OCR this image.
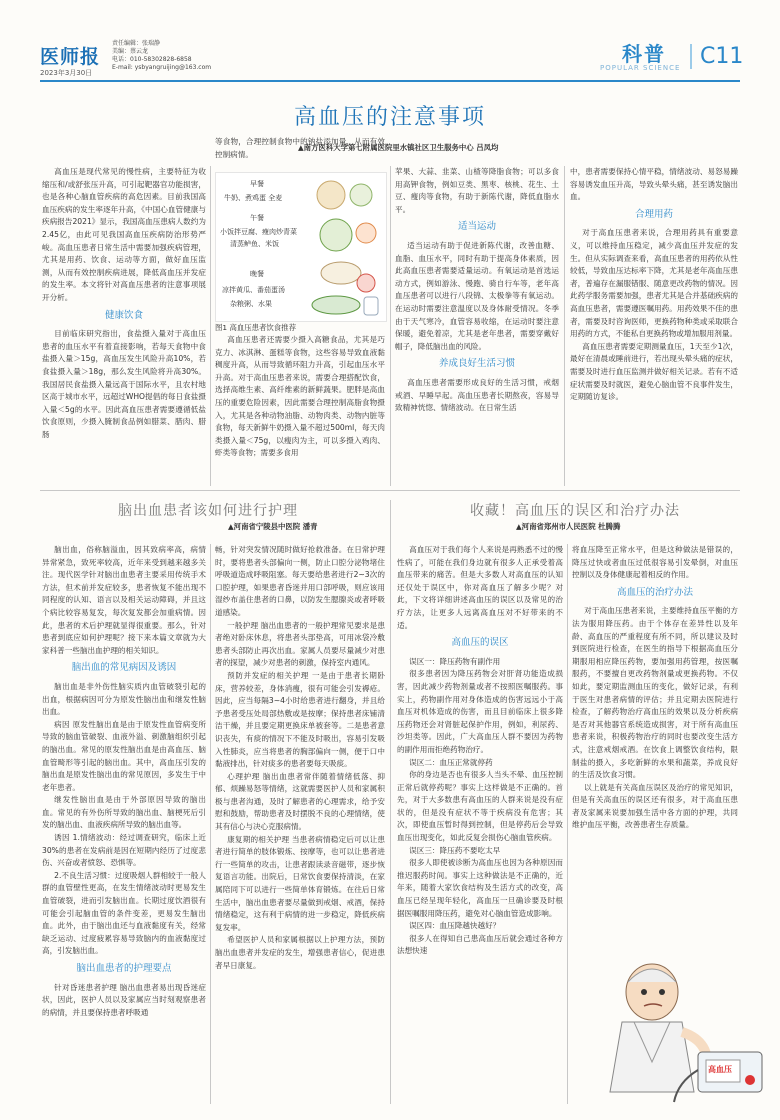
医师报
2023年3月30日
责任编辑：张瑞静
美编：蔡云龙
电话：010-58302828-6858
E-mail: ysbyangruijing@163.com
科普
POPULAR SCIENCE C11
高血压的注意事项
▲南方医科大学第七附属医院里水镇社区卫生服务中心 吕凤均

高血压是现代常见的慢性病，主要特征为收缩压和/或舒张压升高，可引起靶器官功能损害，也是各种心脑血管疾病的高危因素。目前我国高血压疾病的发生率逐年升高，《中国心血管健康与疾病报告2021》显示，我国高血压患病人数约为2.45亿，由此可见我国高血压疾病防治形势严峻。高血压患者日常生活中需要加强疾病管理，尤其是用药、饮食、运动等方面，做好血压监测，从而有效控制疾病进展，降低高血压并发症的发生率。本文将针对高血压患者的注意事项展开分析。

健康饮食

目前临床研究指出，食盐摄入量对于高血压患者的血压水平有着直接影响，若每天食物中食盐摄入量＞15g，高血压发生风险升高10%，若食盐摄入量＞18g，那么发生风险将升高30%。我国居民食盐摄入量远高于国际水平，且农村地区高于城市水平，远超过WHO提倡的每日食盐摄入量＜5g的水平。因此高血压患者需要遵循低盐饮食原则，少摄入腌制食品例如腊菜、腊肉、腊肠

等食物，合理控制食物中的钠盐添加量，从而有效控制病情。

早餐
牛奶、煮鸡蛋 全麦
午餐
小饭拌豆腐、瘦肉炒青菜
清蒸鲈鱼、米饭
晚餐
凉拌黄瓜、番茄蛋汤
杂粮粥、水果
图1 高血压患者饮食推荐

高血压患者还需要少摄入高糖食品，尤其是巧克力、冰淇淋、蛋糕等食物，这些容易导致血液黏稠度升高，从而导致循环阻力升高，引起血压水平升高。对于高血压患者来说，需要合理搭配饮食，选择高维生素、高纤维素的新鲜蔬果。肥胖是高血压的重要危险因素，因此需要合理控制高脂食物摄入，尤其是各种动物油脂、动物肉类、动物内脏等食物，每天新鲜牛奶摄入量不超过500ml，每天肉类摄入量＜75g，以瘦肉为主，可以多摄入鸡肉、虾类等食物；需要多食用

苹果、大蒜、韭菜、山楂等降脂食物；可以多食用高钾食物，例如豆类、黑枣、核桃、花生、土豆、瘦肉等食物，有助于新陈代谢，降低血脂水平。

适当运动

适当运动有助于促进新陈代谢，改善血糖、血脂、血压水平，同时有助于提高身体素质，因此高血压患者需要适量运动。有氧运动是首选运动方式，例如游泳、慢跑、骑自行车等，老年高血压患者可以进行八段锦、太极拳等有氧运动。在运动时需要注意温度以及身体耐受情况。冬季由于天气寒冷，血管容易收缩，在运动时要注意保暖，避免着凉，尤其是老年患者，需要穿戴好帽子，降低脑出血的风险。

养成良好生活习惯

高血压患者需要形成良好的生活习惯，戒烟戒酒、早睡早起。高血压患者长期熬夜，容易导致精神恍惚、情绪波动。在日常生活

中，患者需要保持心情平稳，情绪波动、易怒易躁容易诱发血压升高，导致头晕头痛，甚至诱发脑出血。

合理用药

对于高血压患者来说，合理用药具有重要意义，可以维持血压稳定，减少高血压并发症的发生。但从实际调查来看，高血压患者的用药依从性较低，导致血压达标率下降，尤其是老年高血压患者，普遍存在漏服错服、随意更改药物的情况。因此药学服务需要加强，患者尤其是合并基础疾病的高血压患者，需要遵医嘱用药。用药效果不佳的患者，需要及时咨询医师，更换药物种类或采取联合用药的方式，不能私自更换药物或增加服用剂量。

高血压患者需要定期测量血压，1天至少1次，最好在清晨或睡前进行，若出现头晕头痛的症状，需要及时进行血压监测并做好相关记录。若有不适症状需要及时就医，避免心脑血管不良事件发生，定期随访复诊。

脑出血患者该如何进行护理
▲河南省宁陵县中医院 潘青

脑出血，俗称脑溢血，因其致病率高，病情异常紧急，致死率较高，近年来受到越来越多关注。现代医学针对脑出血患者主要采用传统手术方法，但术前并发症较多，患者恢复不能出现不同程度的认知、语言以及相关运动障碍，并且这个病比较容易复发，每次复发都会加重病情。因此，患者的术后护理就显得很重要。那么，针对患者到底应如何护理呢？接下来本篇文章就为大家科普一些脑出血护理的相关知识。

脑出血的常见病因及诱因

脑出血是非外伤性脑实质内血管破裂引起的出血，根据病因可分为原发性脑出血和继发性脑出血。

病因 原发性脑出血是由于原发性血管病变所导致的脑血管破裂、血液外溢、刺激脑组织引起的脑出血。常见的原发性脑出血是由高血压、脑血管畸形等引起的脑出血。其中，高血压引发的脑出血是原发性脑出血的常见原因，多发生于中老年患者。

继发性脑出血是由于外部原因导致的脑出血。常见的有外伤所导致的脑出血、脑梗死后引发的脑出血、血液疾病所导致的脑出血等。

诱因 1.情绪波动：经过调查研究，临床上近30%的患者在发病前是因在短期内经历了过度悲伤、兴奋或者愤怒、恐惧等。

2.不良生活习惯：过度吸烟人群相较于一般人群的血管壁性更高，在发生情绪波动时更易发生血管破裂，进而引发脑出血。长期过度饮酒很有可能会引起脑血管的条件变差，更易发生脑出血。此外，由于脑出血还与血液黏度有关，经常缺乏运动、过度疲累容易导致脑内的血液黏度过高，引发脑出血。

脑出血患者的护理要点

针对昏迷患者护理 脑出血患者易出现昏迷症状，因此，医护人员以及家属应当时刻观察患者的病情，并且要保持患者呼吸通

畅，针对突发情况随时做好抢救准备。在日常护理时，要将患者头部偏向一侧，防止口腔分泌物堵住呼吸道造成呼吸阻塞。每天要给患者进行2~3次的口腔护理，如果患者昏迷并用口部呼吸，则应该用湿纱布盖住患者的口鼻，以防发生腮腺炎或者呼吸道感染。

一般护理 脑出血患者的一般护理常见要求是患者绝对卧床休息，将患者头部垫高，可用冰袋冷敷患者头部防止再次出血。家属人员要尽量减少对患者的探望，减少对患者的刺激，保持室内通风。

预防并发症的相关护理 一是由于患者长期卧床，营养较差，身体消瘦，很有可能会引发褥疮。因此，应当每隔3~4小时给患者进行翻身，并且给予患者受压处局部热敷或是按摩；保持患者床铺清洁干燥，并且要定期更换床单被套等。二是患者意识丧失，有痰的情况下不能及时吸出，容易引发吸入性肺炎，应当将患者的胸部偏向一侧，便于口中黏液排出，针对痰多的患者要每天吸痰。

心理护理 脑出血患者常伴随着情绪低落、抑郁、烦躁易怒等情绪，这就需要医护人员和家属积极与患者沟通，及时了解患者的心理需求，给予安慰和鼓励，帮助患者及时摆脱不良的心理情绪，使其有信心与决心克服病情。

康复期的相关护理 当患者病情稳定后可以让患者进行简单的肢体锻炼、按摩等，也可以让患者进行一些简单的攻击，让患者跟读录音磁带，逐步恢复语言功能。出院后，日常饮食要保持清淡，在家属陪同下可以进行一些简单体育锻炼。在往后日常生活中，脑出血患者要尽量做到戒烟、戒酒，保持情绪稳定，这有利于病情的进一步稳定，降低疾病复发率。

希望医护人员和家属根据以上护理方法，预防脑出血患者并发症的发生，增强患者信心，促进患者早日康复。

收藏！高血压的误区和治疗办法
▲河南省郑州市人民医院 杜腾腾

高血压对于我们每个人来说是再熟悉不过的慢性病了，可能在我们身边就有很多人正承受着高血压带来的痛苦。但是大多数人对高血压的认知还仅处于误区中，你对高血压了解多少呢？对此，下文将详细讲述高血压的误区以及常见的治疗方法，让更多人远离高血压对不好带来的不适。

高血压的误区

误区一：降压药物有副作用

很多患者因为降压药物会对肝肾功能造成损害，因此减少药物剂量或者不按照医嘱服药。事实上，药物副作用对身体造成的伤害远远小于高血压对机体造成的伤害，而且目前临床上很多降压药物还会对肾脏起保护作用，例如，利尿药、沙坦类等。因此，广大高血压人群不要因为药物的副作用而拒绝药物治疗。

误区二：血压正常就停药

你的身边是否也有很多人当头不晕、血压控制正常后就停药呢？事实上这样做是不正确的。首先，对于大多数患有高血压的人群来说是没有症状的，但是没有症状不等于疾病没有危害；其次，即使血压暂时得到控制，但是停药后会导致血压出现变化，如此反复会损伤心脑血管疾病。

误区三：降压药不要吃太早

很多人即使被诊断为高血压也因为各种原因而推迟服药时间。事实上这种做法是不正确的，近年来，随着大家饮食结构及生活方式的改变，高血压已经呈现年轻化，高血压一旦确诊要及时根据医嘱服用降压药，避免对心脑血管造成影响。

误区四：血压降越快越好？

很多人在得知自己患高血压后就会通过各种方法想快速

将血压降至正常水平，但是这种做法是错误的，降压过快或者血压过低很容易引发晕倒，对血压控制以及身体健康起着相反的作用。

高血压的治疗办法

对于高血压患者来说，主要维持血压平衡的方法为服用降压药。由于个体存在差异性以及年龄、高血压的严重程度有所不同，所以建议及时到医院进行检查，在医生的指导下根据高血压分期服用相应降压药物，要加强用药管理，按医嘱服药，不要擅自更改药物剂量或更换药物。不仅如此，要定期监测血压的变化，做好记录，有利于医生对患者病情的评估；并且定期去医院进行检查，了解药物治疗高血压的效果以及分析疾病是否对其他器官系统造成损害，对于所有高血压患者来说，积极药物治疗的同时也要改变生活方式，注意戒烟戒酒。在饮食上调整饮食结构，限制盐的摄入，多吃新鲜的水果和蔬菜，养成良好的生活及饮食习惯。

以上就是有关高血压误区及治疗的常见知识，但是有关高血压的误区还有很多，对于高血压患者及家属来说要加强生活中各方面的护理，共同维护血压平衡，改善患者生存质量。

高血压
